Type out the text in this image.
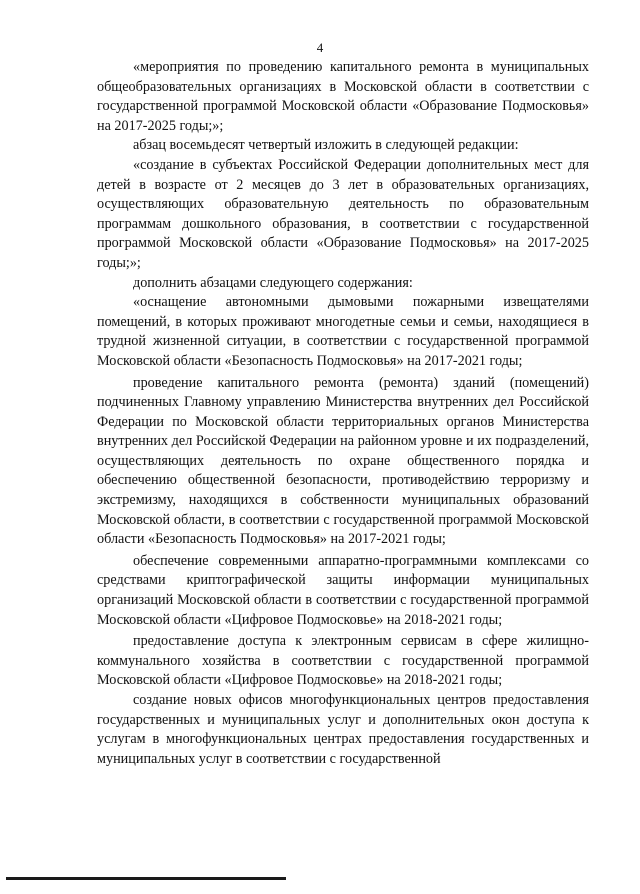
4

«мероприятия по проведению капитального ремонта в муниципальных общеобразовательных организациях в Московской области в соответствии с государственной программой Московской области «Образование Подмосковья» на 2017-2025 годы;»;

абзац восемьдесят четвертый изложить в следующей редакции:

«создание в субъектах Российской Федерации дополнительных мест для детей в возрасте от 2 месяцев до 3 лет в образовательных организациях, осуществляющих образовательную деятельность по образовательным программам дошкольного образования, в соответствии с государственной программой Московской области «Образование Подмосковья» на 2017-2025 годы;»;

дополнить абзацами следующего содержания:

«оснащение автономными дымовыми пожарными извещателями помещений, в которых проживают многодетные семьи и семьи, находящиеся в трудной жизненной ситуации, в соответствии с государственной программой Московской области «Безопасность Подмосковья» на 2017-2021 годы;

проведение капитального ремонта (ремонта) зданий (помещений) подчиненных Главному управлению Министерства внутренних дел Российской Федерации по Московской области территориальных органов Министерства внутренних дел Российской Федерации на районном уровне и их подразделений, осуществляющих деятельность по охране общественного порядка и обеспечению общественной безопасности, противодействию терроризму и экстремизму, находящихся в собственности муниципальных образований Московской области, в соответствии с государственной программой Московской области «Безопасность Подмосковья» на 2017-2021 годы;

обеспечение современными аппаратно-программными комплексами со средствами криптографической защиты информации муниципальных организаций Московской области в соответствии с государственной программой Московской области «Цифровое Подмосковье» на 2018-2021 годы;

предоставление доступа к электронным сервисам в сфере жилищно-коммунального хозяйства в соответствии с государственной программой Московской области «Цифровое Подмосковье» на 2018-2021 годы;

создание новых офисов многофункциональных центров предоставления государственных и муниципальных услуг и дополнительных окон доступа к услугам в многофункциональных центрах предоставления государственных и муниципальных услуг в соответствии с государственной
